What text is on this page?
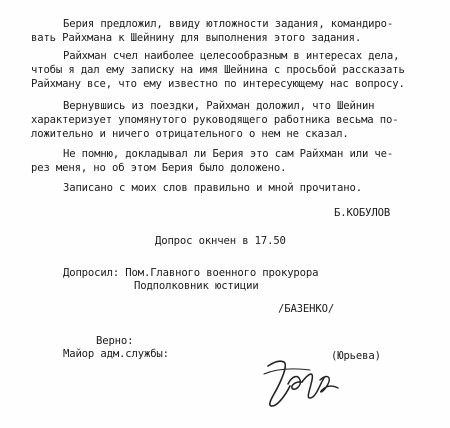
Берия предложил, ввиду ютложности задания, командиро-
вать Райхмана к Шейнину для выполнения этого задания.
Райхман счел наиболее целесообразным в интересах дела,
чтобы я дал ему записку на имя Шейнина с просьбой рассказать
Райхману все, что ему известно по интересующему нас вопросу.
Вернувшись из поездки, Райхман доложил, что Шейнин
характеризует упомянутого руководящего работника весьма по-
ложительно и ничего отрицательного о нем не сказал.
Не помню, докладывал ли Берия это сам Райхман или че-
рез меня, но об этом Берия было доложено.
Записано с моих слов правильно и мной прочитано.
Б.КОБУЛОВ
Допрос окнчен в 17.50
Допросил: Пом.Главного военного прокурора
Подполковник юстиции
/БАЗЕНКО/
Верно:
Майор адм.службы:	(Юрьева)
